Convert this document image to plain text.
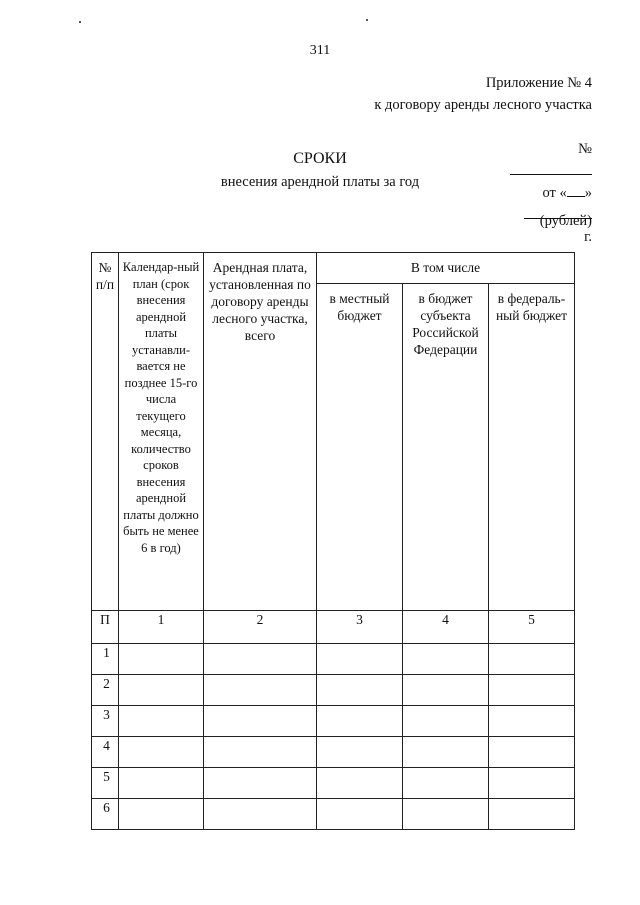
311
Приложение № 4
к договору аренды лесного участка

№

от « »

г.

СРОКИ
внесения арендной платы за год
(рублей)
№ п/п	Календар-ный план (срок внесения арендной платы устанавли-вается не позднее 15-го числа текущего месяца, количество сроков внесения арендной платы должно быть не менее 6 в год)	Арендная плата, установленная по договору аренды лесного участка, всего	В том числе		
			в местный бюджет	в бюджет субъекта Российской Федерации	в федераль-ный бюджет
П	1	2	3	4	5
1					
2					
3					
4					
5					
6					
